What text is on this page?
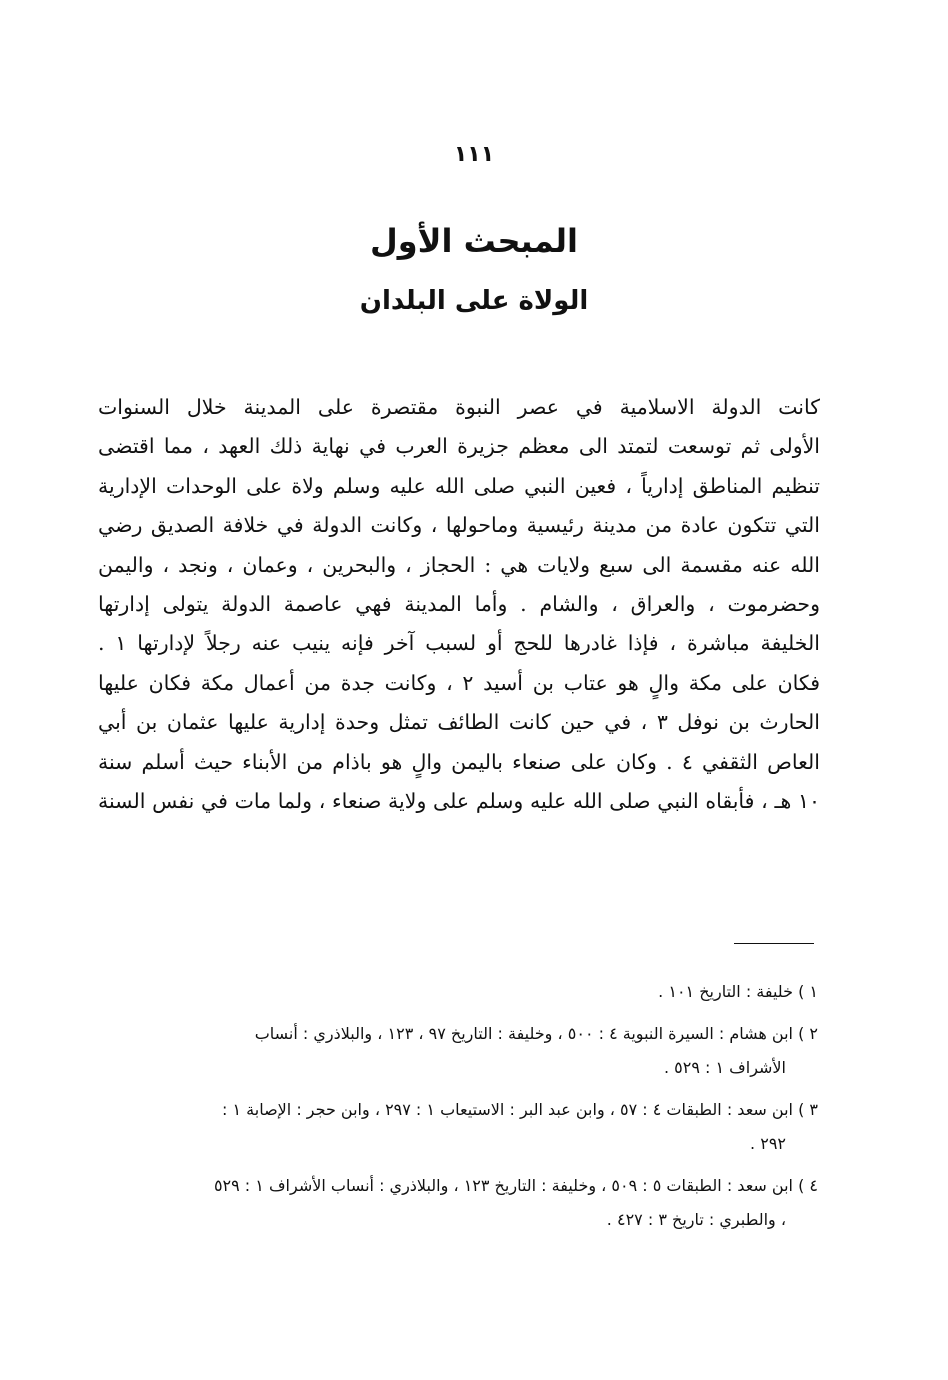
١١١
المبحث الأول
الولاة على البلدان
كانت الدولة الاسلامية في عصر النبوة مقتصرة على المدينة خلال السنوات
الأولى ثم توسعت لتمتد الى معظم جزيرة العرب في نهاية ذلك العهد ، مما اقتضى
تنظيم المناطق إدارياً ، فعين النبي صلى الله عليه وسلم ولاة على الوحدات الإدارية
التي تتكون عادة من مدينة رئيسية وماحولها ، وكانت الدولة في خلافة الصديق رضي
الله عنه مقسمة الى سبع ولايات هي : الحجاز ، والبحرين ، وعمان ، ونجد ، واليمن
وحضرموت ، والعراق ، والشام . وأما المدينة فهي عاصمة الدولة يتولى إدارتها
الخليفة مباشرة ، فإذا غادرها للحج أو لسبب آخر فإنه ينيب عنه رجلاً لإدارتها ١ .
فكان على مكة والٍ هو عتاب بن أسيد ٢ ، وكانت جدة من أعمال مكة فكان عليها
الحارث بن نوفل ٣ ، في حين كانت الطائف تمثل وحدة إدارية عليها عثمان بن أبي
العاص الثقفي ٤ . وكان على صنعاء باليمن والٍ هو باذام من الأبناء حيث أسلم سنة
١٠ هـ ، فأبقاه النبي صلى الله عليه وسلم على ولاية صنعاء ، ولما مات في نفس السنة
١ ) خليفة : التاريخ ١٠١ .
٢ ) ابن هشام : السيرة النبوية ٤ : ٥٠٠ ، وخليفة : التاريخ ٩٧ ، ١٢٣ ، والبلاذري : أنساب
الأشراف ١ : ٥٢٩ .
٣ ) ابن سعد : الطبقات ٤ : ٥٧ ، وابن عبد البر : الاستيعاب ١ : ٢٩٧ ، وابن حجر : الإصابة ١ :
٢٩٢ .
٤ ) ابن سعد : الطبقات ٥ : ٥٠٩ ، وخليفة : التاريخ ١٢٣ ، والبلاذري : أنساب الأشراف ١ : ٥٢٩
، والطبري : تاريخ ٣ : ٤٢٧ .
